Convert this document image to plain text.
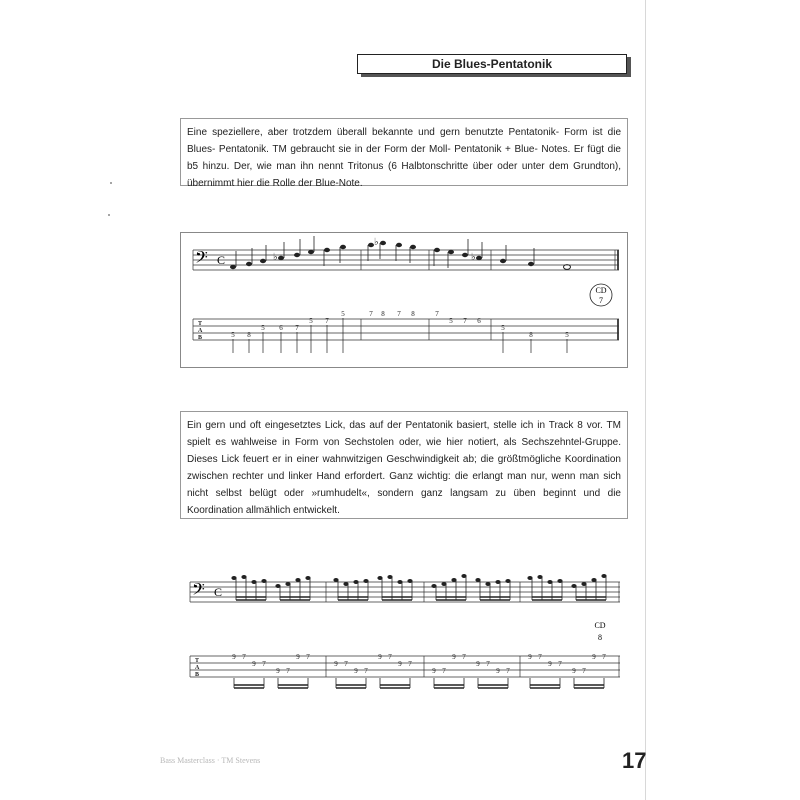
Die Blues-Pentatonik
Eine speziellere, aber trotzdem überall bekannte und gern benutzte Pentatonik- Form ist die Blues- Pentatonik. TM gebraucht sie in der Form der Moll- Pentatonik + Blue- Notes. Er fügt die b5 hinzu. Der, wie man ihn nennt Tritonus (6 Halbtonschritte über oder unter dem Grundton), übernimmt hier die Rolle der Blue-Note.
𝄢 C	♭
♭
♭
CD
7
T
A
B	5 8
5 6 7
5 7
5	7 8 7 8	7
5 7 6
5
8	5
Ein gern und oft eingesetztes Lick, das auf der Pentatonik basiert, stelle ich in Track 8 vor. TM spielt es wahlweise in Form von Sechstolen oder, wie hier notiert, als Sechszehntel-Gruppe. Dieses Lick feuert er in einer wahnwitzigen Geschwindigkeit ab; die größtmögliche Koordination zwischen rechter und linker Hand erfordert. Ganz wichtig: die erlangt man nur, wenn man sich nicht selbst belügt oder »rumhudelt«, sondern ganz langsam zu üben beginnt und die Koordination allmählich entwickelt.
𝄢 C
CD
8
T
A
B
9 7
9 7
9 7
9 7
9 7
9 7
9 7
9 7
9 7
9 7
9 7
9 7
9 7
9 7
9 7
9 7
Bass Masterclass · TM Stevens	17
